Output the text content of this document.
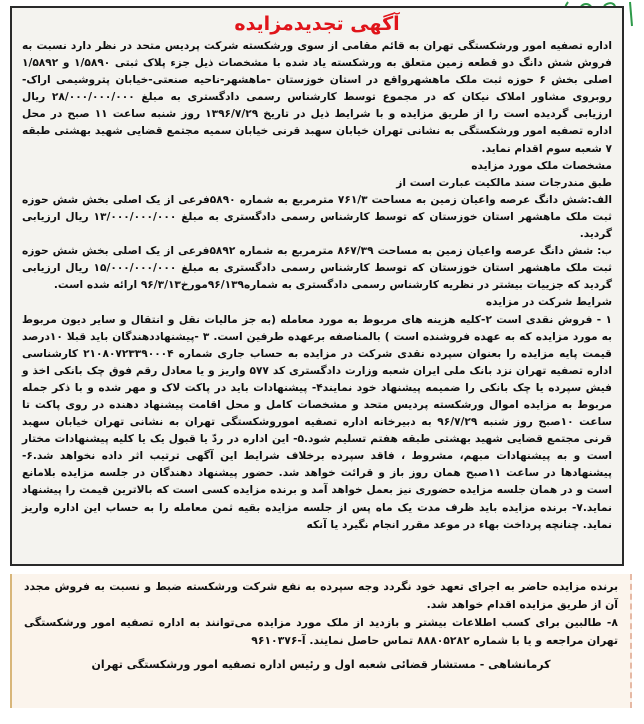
آگهی تجدیدمزایده

اداره تصفیه امور ورشکستگی تهران به قائم مقامی از سوی ورشکسته شرکت پردیس متحد در نظر دارد نسبت به فروش شش دانگ دو قطعه زمین متعلق به ورشکسته یاد شده با مشخصات ذیل جزء پلاک ثبتی ۱/۵۸۹۰ و ۱/۵۸۹۲ اصلی بخش ۶ حوزه ثبت ملک ماهشهرواقع در استان خوزستان -ماهشهر-ناحیه صنعتی-خیابان پتروشیمی اراک-روبروی مشاور املاک نیکان که در مجموع توسط کارشناس رسمی دادگستری به مبلغ ۲۸/۰۰۰/۰۰۰/۰۰۰ ریال ارزیابی گردیده است را از طریق مزایده و با شرایط ذیل در تاریخ ۱۳۹۶/۷/۲۹ روز شنبه ساعت ۱۱ صبح در محل اداره تصفیه امور ورشکستگی به نشانی تهران خیابان سهبد قرنی خیابان سمیه مجتمع قضایی شهید بهشتی طبقه ۷ شعبه سوم اقدام نماید.

مشخصات ملک مورد مزایده

طبق مندرجات سند مالکیت عبارت است از

الف:شش دانگ عرصه واعیان زمین به مساحت ۷۶۱/۳ مترمربع به شماره ۵۸۹۰فرعی از یک اصلی بخش شش حوزه ثبت ملک ماهشهر استان خوزستان که توسط کارشناس رسمی دادگستری به مبلغ ۱۳/۰۰۰/۰۰۰/۰۰۰ ریال ارزیابی گردید.

ب: شش دانگ عرصه واعیان زمین به مساحت ۸۶۷/۳۹ مترمربع به شماره ۵۸۹۲فرعی از یک اصلی بخش شش حوزه ثبت ملک ماهشهر استان خوزستان که توسط کارشناس رسمی دادگستری به مبلغ ۱۵/۰۰۰/۰۰۰/۰۰۰ ریال ارزیابی گردید که جزییات بیشتر در نظریه کارشناس رسمی دادگستری به شماره۹۶/۱۳۹مورخ۹۶/۳/۱۳ ارائه شده است.

شرایط شرکت در مزایده

۱ - فروش نقدی است ۲-کلیه هزینه های مربوط به مورد معامله (به جز مالیات نقل و انتقال و سایر دیون مربوط به مورد مزایده که به عهده فروشنده است ) بالمناصفه برعهده طرفین است. ۳ -پیشنهاددهندگان باید قبلا ۱۰درصد قیمت پایه مزایده را بعنوان سپرده نقدی شرکت در مزایده به حساب جاری شماره ۲۱۰۸۰۷۲۳۳۹۰۰۰۴ کارشناسی اداره تصفیه تهران نزد بانک ملی ایران شعبه وزارت دادگستری کد ۵۷۷ واریز و یا معادل رقم فوق چک بانکی اخذ و فیش سپرده یا چک بانکی را ضمیمه پیشنهاد خود نمایند۴- پیشنهادات باید در پاکت لاک و مهر شده و با ذکر جمله مربوط به مزایده اموال ورشکسته پردیس متحد و مشخصات کامل و محل اقامت پیشنهاد دهنده در روی پاکت تا ساعت ۱۰صبح روز شنبه ۹۶/۷/۲۹ به دبیرخانه اداره تصفیه اموروشکستگی تهران به نشانی تهران خیابان سهبد قرنی مجتمع قضایی شهید بهشتی طبقه هفتم تسلیم شود.۵- این اداره در ردّ یا قبول یک یا کلیه پیشنهادات مختار است و به پیشنهادات مبهم، مشروط ، فاقد سپرده برخلاف شرایط این آگهی ترتیب اثر داده نخواهد شد.۶-پیشنهادها در ساعت ۱۱صبح همان روز باز و قرائت خواهد شد. حضور پیشنهاد دهندگان در جلسه مزایده بلامانع است و در همان جلسه مزایده حضوری نیز بعمل خواهد آمد و برنده مزایده کسی است که بالاترین قیمت را پیشنهاد نماید.۷- برنده مزایده باید ظرف مدت یک ماه پس از جلسه مزایده بقیه ثمن معامله را به حساب این اداره واریز نماید. چنانچه پرداخت بهاء در موعد مقرر انجام نگیرد یا آنکه

برنده مزایده حاضر به اجرای تعهد خود نگردد وجه سپرده به نفع شرکت ورشکسته ضبط و نسبت به فروش مجدد آن از طریق مزایده اقدام خواهد شد.

۸- طالبین برای کسب اطلاعات بیشتر و بازدید از ملک مورد مزایده می‌توانند به اداره تصفیه امور ورشکستگی تهران مراجعه و یا با شماره ۸۸۸۰۵۲۸۲ تماس حاصل نمایند. آ-۹۶۱۰۳۷۶

کرمانشاهی - مستشار قضائی شعبه اول و رئیس اداره تصفیه امور ورشکستگی تهران
